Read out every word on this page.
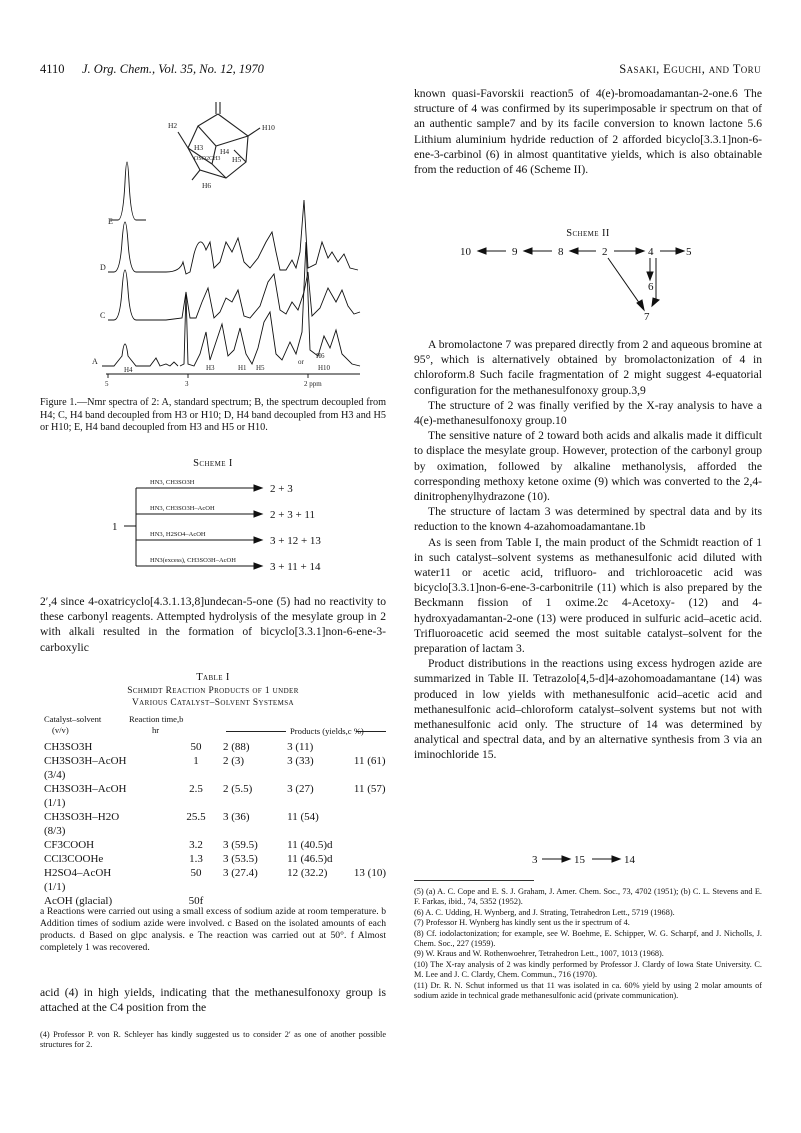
4110 J. Org. Chem., Vol. 35, No. 12, 1970	Sasaki, Eguchi, and Toru
H2	H10
H3 H4
H5
OSO2CH3
H6
E
D
C
A
H4	H3	H1 H5
H6
H10
or
5	3	2 ppm
Figure 1.—Nmr spectra of 2: A, standard spectrum; B, the spectrum decoupled from H4; C, H4 band decoupled from H3 or H10; D, H4 band decoupled from H3 and H5 or H10; E, H4 band decoupled from H3 and H5 or H10.
Scheme I
HN3, CH3SO3H
HN3, CH3SO3H–AcOH
HN3, H2SO4–AcOH
HN3(excess), CH3SO3H–AcOH
1
2 + 3
2 + 3 + 11
3 + 12 + 13
3 + 11 + 14
2′,4 since 4-oxatricyclo[4.3.1.13,8]undecan-5-one (5) had no reactivity to these carbonyl reagents. Attempted hydrolysis of the mesylate group in 2 with alkali resulted in the formation of bicyclo[3.3.1]non-6-ene-3-carboxylic
Table I
Schmidt Reaction Products of 1 under
Various Catalyst–Solvent Systemsa
Catalyst–solvent
(v/v)
Reaction time,b
hr	Products (yields,c %)
CH3SO3H	50	2 (88)	3 (11)	
CH3SO3H–AcOH	1	2 (3)	3 (33)	11 (61)
(3/4)				
CH3SO3H–AcOH	2.5	2 (5.5)	3 (27)	11 (57)
(1/1)				
CH3SO3H–H2O	25.5	3 (36)	11 (54)	
(8/3)				
CF3COOH	3.2	3 (59.5)	11 (40.5)d	
CCl3COOHe	1.3	3 (53.5)	11 (46.5)d	
H2SO4–AcOH	50	3 (27.4)	12 (32.2)	13 (10)
(1/1)				
AcOH (glacial)	50f			
a Reactions were carried out using a small excess of sodium azide at room temperature. b Addition times of sodium azide were involved. c Based on the isolated amounts of each products. d Based on glpc analysis. e The reaction was carried out at 50°. f Almost completely 1 was recovered.
acid (4) in high yields, indicating that the methanesulfonoxy group is attached at the C4 position from the
(4) Professor P. von R. Schleyer has kindly suggested us to consider 2′ as one of another possible structures for 2.

known quasi-Favorskii reaction5 of 4(e)-bromoadamantan-2-one.6 The structure of 4 was confirmed by its superimposable ir spectrum on that of an authentic sample7 and by its facile conversion to known lactone 5.6 Lithium aluminium hydride reduction of 2 afforded bicyclo[3.3.1]non-6-ene-3-carbinol (6) in almost quantitative yields, which is also obtainable from the reduction of 46 (Scheme II).

Scheme II
10	9	8	2	4	5
6
7

A bromolactone 7 was prepared directly from 2 and aqueous bromine at 95°, which is alternatively obtained by bromolactonization of 4 in chloroform.8 Such facile fragmentation of 2 might suggest 4-equatorial configuration for the methanesulfonoxy group.3,9

The structure of 2 was finally verified by the X-ray analysis to have a 4(e)-methanesulfonoxy group.10

The sensitive nature of 2 toward both acids and alkalis made it difficult to displace the mesylate group. However, protection of the carbonyl group by oximation, followed by alkaline methanolysis, afforded the corresponding methoxy ketone oxime (9) which was converted to the 2,4-dinitrophenylhydrazone (10).

The structure of lactam 3 was determined by spectral data and by its reduction to the known 4-azahomoadamantane.1b

As is seen from Table I, the main product of the Schmidt reaction of 1 in such catalyst–solvent systems as methanesulfonic acid diluted with water11 or acetic acid, trifluoro- and trichloroacetic acid was bicyclo[3.3.1]non-6-ene-3-carbonitrile (11) which is also prepared by the Beckmann fission of 1 oxime.2c 4-Acetoxy- (12) and 4-hydroxyadamantan-2-one (13) were produced in sulfuric acid–acetic acid. Trifluoroacetic acid seemed the most suitable catalyst–solvent for the preparation of lactam 3.

Product distributions in the reactions using excess hydrogen azide are summarized in Table II. Tetrazolo[4,5-d]4-azohomoadamantane (14) was produced in low yields with methanesulfonic acid–acetic acid and methanesulfonic acid–chloroform catalyst–solvent systems but not with methanesulfonic acid only. The structure of 14 was determined by analytical and spectral data, and by an alternative synthesis from 3 via an iminochloride 15.

3	15	14

(5) (a) A. C. Cope and E. S. J. Graham, J. Amer. Chem. Soc., 73, 4702 (1951); (b) C. L. Stevens and E. F. Farkas, ibid., 74, 5352 (1952).

(6) A. C. Udding, H. Wynberg, and J. Strating, Tetrahedron Lett., 5719 (1968).

(7) Professor H. Wynberg has kindly sent us the ir spectrum of 4.

(8) Cf. iodolactonization; for example, see W. Boehme, E. Schipper, W. G. Scharpf, and J. Nicholls, J. Chem. Soc., 227 (1959).

(9) W. Kraus and W. Rothenwoehrer, Tetrahedron Lett., 1007, 1013 (1968).

(10) The X-ray analysis of 2 was kindly performed by Professor J. Clardy of Iowa State University. C. M. Lee and J. C. Clardy, Chem. Commun., 716 (1970).

(11) Dr. R. N. Schut informed us that 11 was isolated in ca. 60% yield by using 2 molar amounts of sodium azide in technical grade methanesulfonic acid (private communication).
